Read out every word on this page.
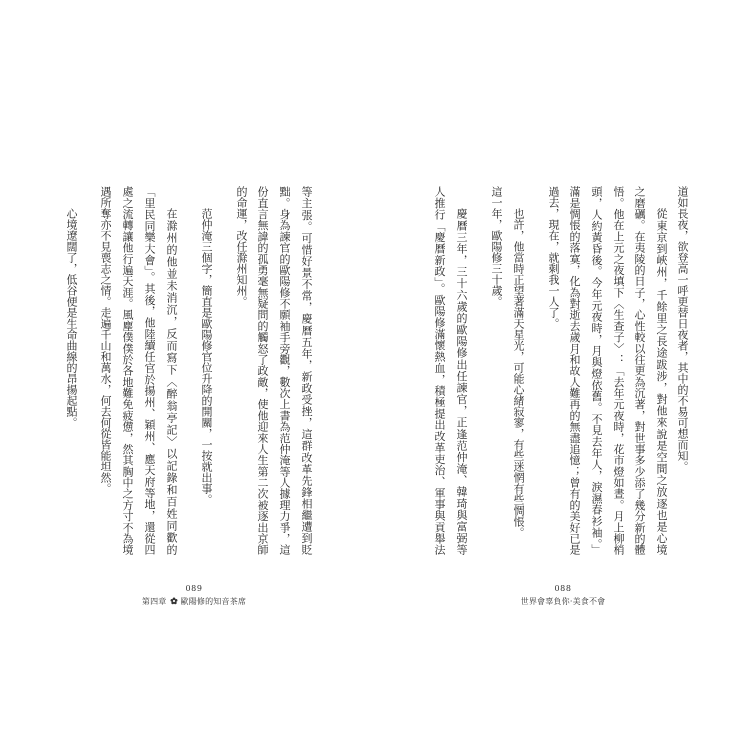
道如長夜，欲登高一呼更替日夜者，其中的不易可想而知。
從東京到峽州，千餘里之長途跋涉，對他來說是空間之放逐也是心境
之磨礪。在夷陵的日子，心性較以往更為沉著，對世事多少添了幾分新的體
悟。他在上元之夜填下〈生查子〉：「去年元夜時，花市燈如晝。月上柳梢
頭，人約黃昏後。今年元夜時，月與燈依舊。不見去年人，淚濕春衫袖。」
滿是惆悵的落寞，化為對逝去歲月和故人難再的無盡追憶；曾有的美好已是
過去，現在，就剩我一人了。
也許，他當時正望著滿天星光，可能心緒寂寥，有些迷惘有些惆悵。
這一年，歐陽修三十歲。
慶曆三年，三十六歲的歐陽修出任諫官，正逢范仲淹、韓琦與富弼等
人推行「慶曆新政」。歐陽修滿懷熱血，積極提出改革吏治、軍事與貢舉法
088
世界會辜負你·美食不會
等主張。可惜好景不常，慶曆五年，新政受挫，這群改革先鋒相繼遭到貶
黜。身為諫官的歐陽修不願袖手旁觀，數次上書為范仲淹等人據理力爭，這
份直言無諱的孤勇毫無疑問的觸怒了政敵，使他迎來人生第二次被逐出京師
的命運，改任滁州知州。
范仲淹三個字，簡直是歐陽修官位升降的開關，一按就出事。
在滁州的他並未消沉，反而寫下〈醉翁亭記〉以記錄和百姓同歡的
「里民同樂大會」。其後，他陸續任官於揚州、穎州、應天府等地，還從四
處之流轉讓他行遍天涯。風塵僕僕於各地難免疲憊，然其胸中之方寸不為境
遇所奪亦不見喪志之情。走遍千山和萬水，何去何從皆能坦然。
心境遼闊了，低谷便是生命曲線的昂揚起點。
089
第四章 歐陽修的知音茶席
